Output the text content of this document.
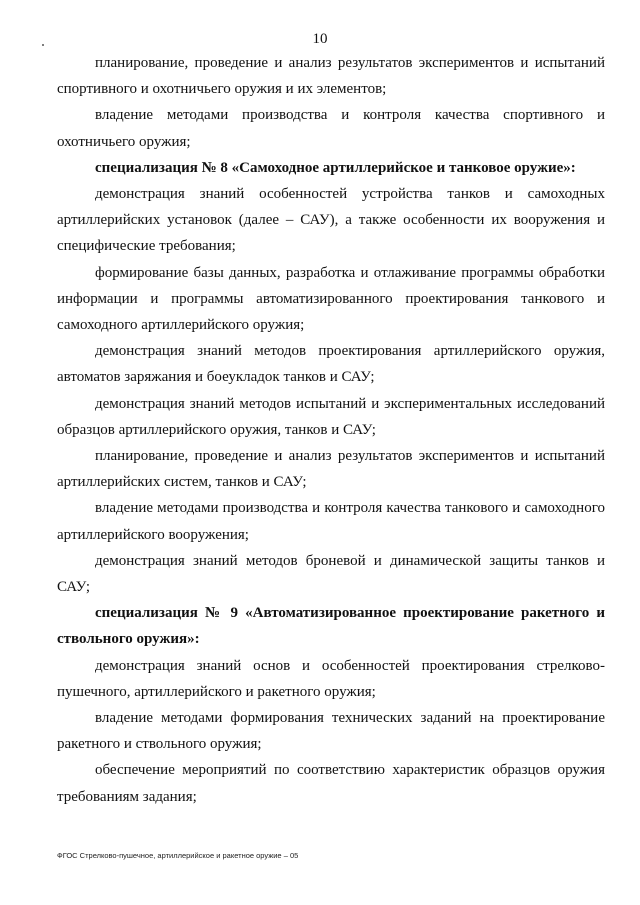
10

планирование, проведение и анализ результатов экспериментов и испытаний спортивного и охотничьего оружия и их элементов;

владение методами производства и контроля качества спортивного и охотничьего оружия;

специализация № 8 «Самоходное артиллерийское и танковое оружие»:

демонстрация знаний особенностей устройства танков и самоходных артиллерийских установок (далее – САУ), а также особенности их вооружения и специфические требования;

формирование базы данных, разработка и отлаживание программы обработки информации и программы автоматизированного проектирования танкового и самоходного артиллерийского оружия;

демонстрация знаний методов проектирования артиллерийского оружия, автоматов заряжания и боеукладок танков и САУ;

демонстрация знаний методов испытаний и экспериментальных исследований образцов артиллерийского оружия, танков и САУ;

планирование, проведение и анализ результатов экспериментов и испытаний артиллерийских систем, танков и САУ;

владение методами производства и контроля качества танкового и самоходного артиллерийского вооружения;

демонстрация знаний методов броневой и динамической защиты танков и САУ;

специализация № 9 «Автоматизированное проектирование ракетного и ствольного оружия»:

демонстрация знаний основ и особенностей проектирования стрелково-пушечного, артиллерийского и ракетного оружия;

владение методами формирования технических заданий на проектирование ракетного и ствольного оружия;

обеспечение мероприятий по соответствию характеристик образцов оружия требованиям задания;

ФГОС Стрелково-пушечное, артиллерийское и ракетное оружие – 05
